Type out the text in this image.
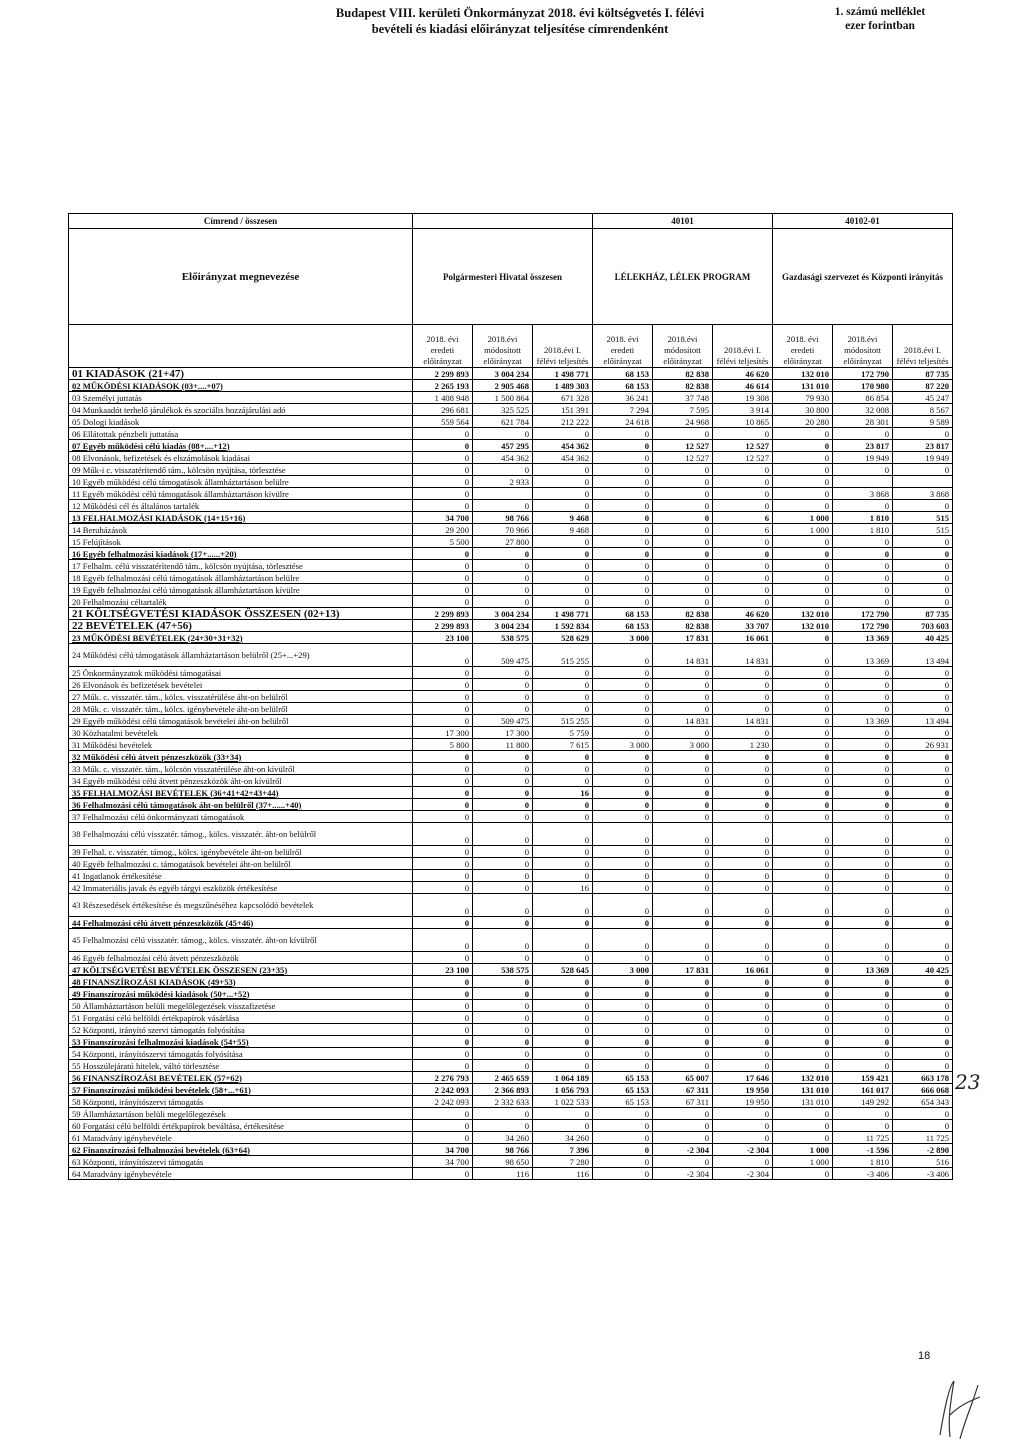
Budapest VIII. kerületi Önkormányzat 2018. évi költségvetés I. félévi
bevételi és kiadási előirányzat teljesítése címrendenként
1. számú melléklet
ezer forintban
Címrend / összesen				40101			40102-01		
Előirányzat megnevezése	Polgármesteri Hivatal összesen			LÉLEKHÁZ, LÉLEK PROGRAM			Gazdasági szervezet és Központi irányítás		
	2018. évi eredeti előirányzat	2018.évi módosított előirányzat	2018.évi I. félévi teljesítés	2018. évi eredeti előirányzat	2018.évi módosított előirányzat	2018.évi I. félévi teljesítés	2018. évi eredeti előirányzat	2018.évi módosított előirányzat	2018.évi I. félévi teljesítés
01 KIADÁSOK (21+47)	2 299 893	3 004 234	1 498 771	68 153	82 838	46 620	132 010	172 790	87 735
02 MŰKÖDÉSI KIADÁSOK (03+....+07)	2 265 193	2 905 468	1 489 303	68 153	82 838	46 614	131 010	170 980	87 220
03 Személyi juttatás	1 408 948	1 500 864	671 328	36 241	37 748	19 308	79 930	86 854	45 247
04 Munkaadót terhelő járulékok és szociális hozzájárulási adó	296 681	325 525	151 391	7 294	7 595	3 914	30 800	32 008	8 567
05 Dologi kiadások	559 564	621 784	212 222	24 618	24 968	10 865	20 280	28 301	9 589
06 Ellátottak pénzbeli juttatása	0	0	0	0	0	0	0	0	0
07 Egyéb működési célú kiadás (08+....+12)	0	457 295	454 362	0	12 527	12 527	0	23 817	23 817
08 Elvonások, befizetések és elszámolások kiadásai	0	454 362	454 362	0	12 527	12 527	0	19 949	19 949
09 Műk-i c. visszatérítendő tám., kölcsön nyújtása, törlesztése	0	0	0	0	0	0	0	0	0
10 Egyéb működési célú támogatások államháztartáson belülre	0	2 933	0	0	0	0	0		
11 Egyéb működési célú támogatások államháztartáson kívülre	0		0	0	0	0	0	3 868	3 868
12 Működési cél és általános tartalék	0	0	0	0	0	0	0	0	0
13 FELHALMOZÁSI KIADÁSOK (14+15+16)	34 700	98 766	9 468	0	0	6	1 000	1 810	515
14 Beruházások	29 200	70 966	9 468	0	0	6	1 000	1 810	515
15 Felújítások	5 500	27 800	0	0	0	0	0	0	0
16 Egyéb felhalmozási kiadások (17+......+20)	0	0	0	0	0	0	0	0	0
17 Felhalm. célú visszatérítendő tám., kölcsön nyújtása, törlesztése	0	0	0	0	0	0	0	0	0
18 Egyéb felhalmozási célú támogatások államháztartáson belülre	0	0	0	0	0	0	0	0	0
19 Egyéb felhalmozási célú támogatások államháztartáson kívülre	0	0	0	0	0	0	0	0	0
20 Felhalmozási céltartalék	0	0	0	0	0	0	0	0	0
21 KÖLTSÉGVETÉSI KIADÁSOK ÖSSZESEN (02+13)	2 299 893	3 004 234	1 498 771	68 153	82 838	46 620	132 010	172 790	87 735
22 BEVÉTELEK (47+56)	2 299 893	3 004 234	1 592 834	68 153	82 838	33 707	132 010	172 790	703 603
23 MŰKÖDÉSI BEVÉTELEK (24+30+31+32)	23 100	538 575	528 629	3 000	17 831	16 061	0	13 369	40 425
24 Működési célú támogatások államháztartáson belülről (25+...+29)	0	509 475	515 255	0	14 831	14 831	0	13 369	13 494
25 Önkormányzatok működési támogatásai	0	0	0	0	0	0	0	0	0
26 Elvonások és befizetések bevételei	0	0	0	0	0	0	0	0	0
27 Műk. c. visszatér. tám., kölcs. visszatérülése áht-on belülről	0	0	0	0	0	0	0	0	0
28 Műk. c. visszatér. tám., kölcs. igénybevétele áht-on belülről	0	0	0	0	0	0	0	0	0
29 Egyéb működési célú támogatások bevételei áht-on belülről	0	509 475	515 255	0	14 831	14 831	0	13 369	13 494
30 Közhatalmi bevételek	17 300	17 300	5 759	0	0	0	0	0	0
31 Működési bevételek	5 800	11 800	7 615	3 000	3 000	1 230	0	0	26 931
32 Működési célú átvett pénzeszközök (33+34)	0	0	0	0	0	0	0	0	0
33 Műk. c. visszatér. tám., kölcsön visszatérülése áht-on kívülről	0	0	0	0	0	0	0	0	0
34 Egyéb működési célú átvett pénzeszközök áht-on kívülről	0	0	0	0	0	0	0	0	0
35 FELHALMOZÁSI BEVÉTELEK (36+41+42+43+44)	0	0	16	0	0	0	0	0	0
36 Felhalmozási célú támogatások áht-on belülről (37+......+40)	0	0	0	0	0	0	0	0	0
37 Felhalmozási célú önkormányzati támogatások	0	0	0	0	0	0	0	0	0
38 Felhalmozási célú visszatér. támog., kölcs. visszatér. áht-on belülről	0	0	0	0	0	0	0	0	0
39 Felhal. c. visszatér. támog., kölcs. igénybevétele áht-on belülről	0	0	0	0	0	0	0	0	0
40 Egyéb felhalmozási c. támogatások bevételei áht-on belülről	0	0	0	0	0	0	0	0	0
41 Ingatlanok értékesítése	0	0	0	0	0	0	0	0	0
42 Immateriális javak és egyéb tárgyi eszközök értékesítése	0	0	16	0	0	0	0	0	0
43 Részesedések értékesítése és megszűnéséhez kapcsolódó bevételek	0	0	0	0	0	0	0	0	0
44 Felhalmozási célú átvett pénzeszközök (45+46)	0	0	0	0	0	0	0	0	0
45 Felhalmozási célú visszatér. támog., kölcs. visszatér. áht-on kívülről	0	0	0	0	0	0	0	0	0
46 Egyéb felhalmozási célú átvett pénzeszközök	0	0	0	0	0	0	0	0	0
47 KÖLTSÉGVETÉSI BEVÉTELEK ÖSSZESEN (23+35)	23 100	538 575	528 645	3 000	17 831	16 061	0	13 369	40 425
48 FINANSZÍROZÁSI KIADÁSOK (49+53)	0	0	0	0	0	0	0	0	0
49 Finanszírozási működési kiadások (50+...+52)	0	0	0	0	0	0	0	0	0
50 Államháztartáson belüli megelőlegezések visszafizetése	0	0	0	0	0	0	0	0	0
51 Forgatási célú belföldi értékpapírok vásárlása	0	0	0	0	0	0	0	0	0
52 Központi, irányító szervi támogatás folyósítása	0	0	0	0	0	0	0	0	0
53 Finanszírozási felhalmozási kiadások (54+55)	0	0	0	0	0	0	0	0	0
54 Központi, irányítószervi támogatás folyósítása	0	0	0	0	0	0	0	0	0
55 Hosszúlejáratú hitelek, váltó törlesztése	0	0	0	0	0	0	0	0	0
56 FINANSZÍROZÁSI BEVÉTELEK (57+62)	2 276 793	2 465 659	1 064 189	65 153	65 007	17 646	132 010	159 421	663 178
57 Finanszírozási működési bevételek (58+...+61)	2 242 093	2 366 893	1 056 793	65 153	67 311	19 950	131 010	161 017	666 068
58 Központi, irányítószervi támogatás	2 242 093	2 332 633	1 022 533	65 153	67 311	19 950	131 010	149 292	654 343
59 Államháztartáson belüli megelőlegezések	0	0	0	0	0	0	0	0	0
60 Forgatási célú belföldi értékpapírok beváltása, értékesítése	0	0	0	0	0	0	0	0	0
61 Maradvány igénybevétele	0	34 260	34 260	0	0	0	0	11 725	11 725
62 Finanszírozási felhalmozási bevételek (63+64)	34 700	98 766	7 396	0	-2 304	-2 304	1 000	-1 596	-2 890
63 Központi, irányítószervi támogatás	34 700	98 650	7 280	0	0	0	1 000	1 810	516
64 Maradvány igénybevétele	0	116	116	0	-2 304	-2 304	0	-3 406	-3 406
18
23
